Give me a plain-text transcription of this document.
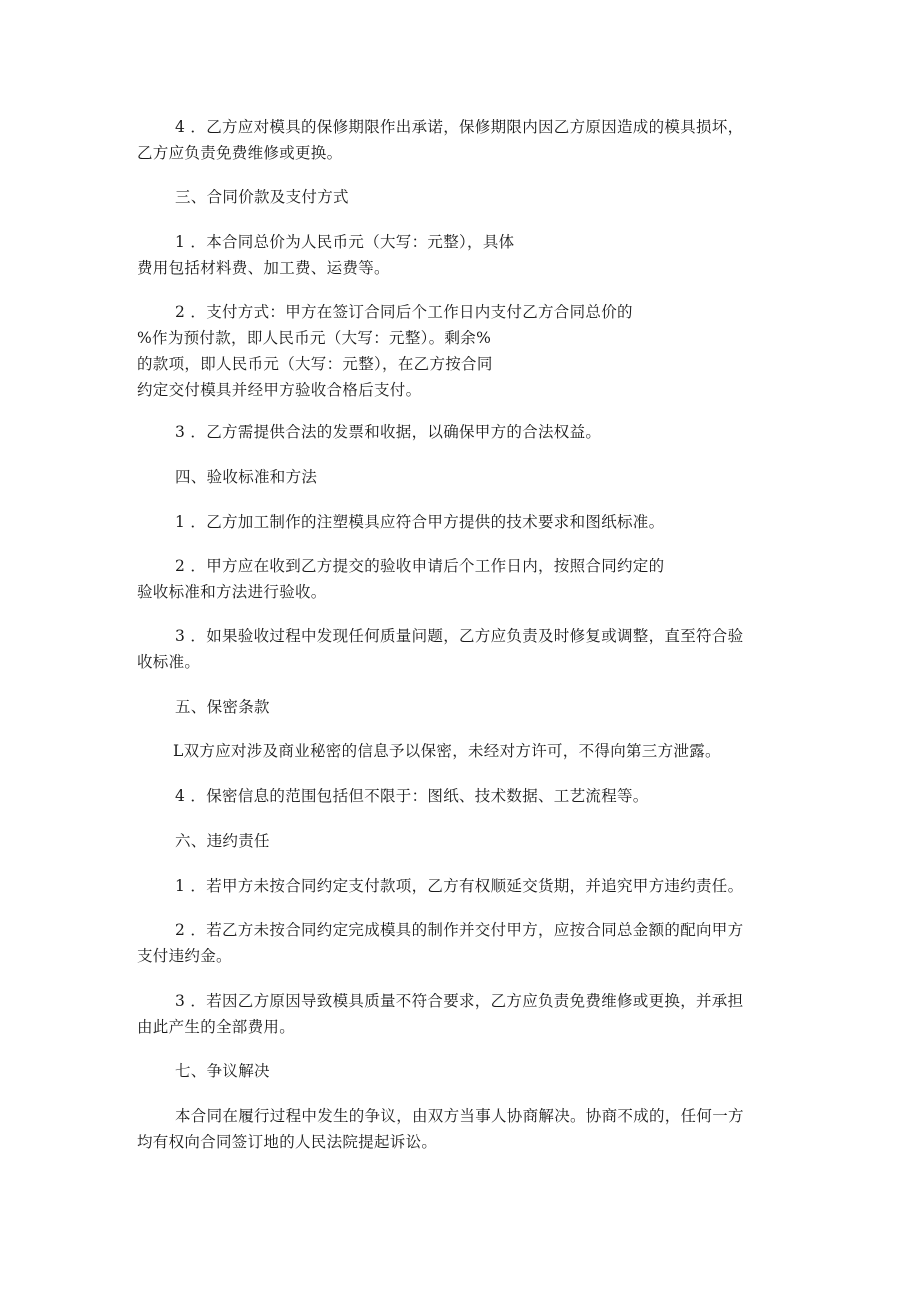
4 ．乙方应对模具的保修期限作出承诺，保修期限内因乙方原因造成的模具损坏，
乙方应负责免费维修或更换。

三、合同价款及支付方式

1 ．本合同总价为人民币元（大写：元整），具体
费用包括材料费、加工费、运费等。

2 ．支付方式：甲方在签订合同后个工作日内支付乙方合同总价的
%作为预付款，即人民币元（大写：元整）。剩余%
的款项，即人民币元（大写：元整），在乙方按合同
约定交付模具并经甲方验收合格后支付。

3 ．乙方需提供合法的发票和收据，以确保甲方的合法权益。

四、验收标准和方法

1 ．乙方加工制作的注塑模具应符合甲方提供的技术要求和图纸标准。

2 ．甲方应在收到乙方提交的验收申请后个工作日内，按照合同约定的
验收标准和方法进行验收。

3 ．如果验收过程中发现任何质量问题，乙方应负责及时修复或调整，直至符合验
收标准。

五、保密条款

L双方应对涉及商业秘密的信息予以保密，未经对方许可，不得向第三方泄露。

4 ．保密信息的范围包括但不限于：图纸、技术数据、工艺流程等。

六、违约责任

1 ．若甲方未按合同约定支付款项，乙方有权顺延交货期，并追究甲方违约责任。

2 ．若乙方未按合同约定完成模具的制作并交付甲方，应按合同总金额的配向甲方
支付违约金。

3 ．若因乙方原因导致模具质量不符合要求，乙方应负责免费维修或更换，并承担
由此产生的全部费用。

七、争议解决

本合同在履行过程中发生的争议，由双方当事人协商解决。协商不成的，任何一方
均有权向合同签订地的人民法院提起诉讼。
